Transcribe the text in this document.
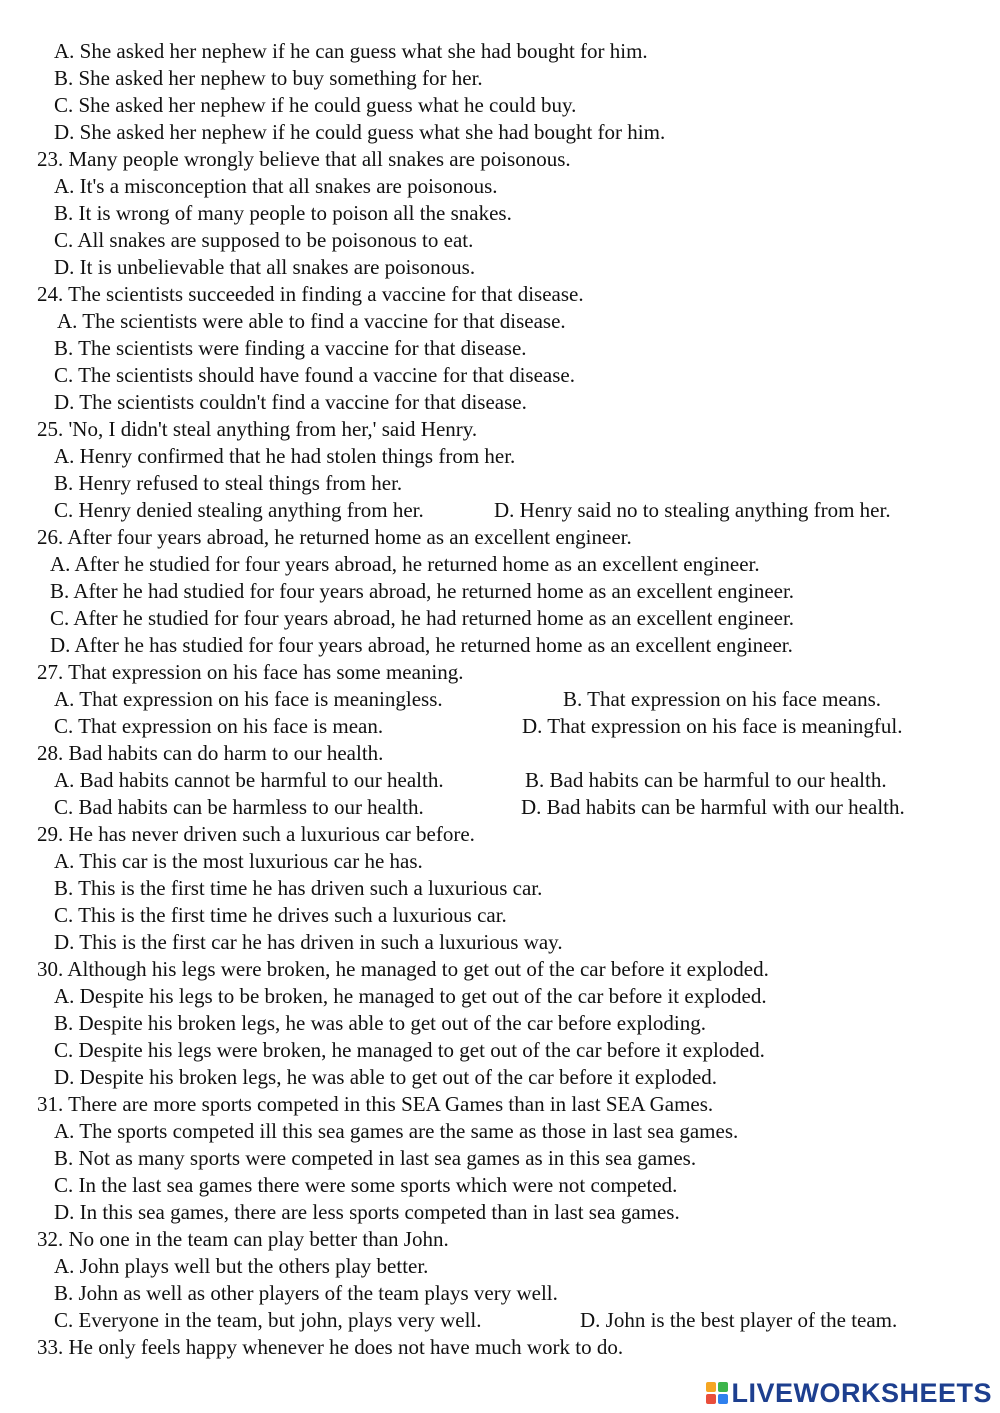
A. She asked her nephew if he can guess what she had bought for him.
B. She asked her nephew to buy something for her.
C. She asked her nephew if he could guess what he could buy.
D. She asked her nephew if he could guess what she had bought for him.
23. Many people wrongly believe that all snakes are poisonous.
A. It's a misconception that all snakes are poisonous.
B. It is wrong of many people to poison all the snakes.
C. All snakes are supposed to be poisonous to eat.
D. It is unbelievable that all snakes are poisonous.
24. The scientists succeeded in finding a vaccine for that disease.
A. The scientists were able to find a vaccine for that disease.
B. The scientists were finding a vaccine for that disease.
C. The scientists should have found a vaccine for that disease.
D. The scientists couldn't find a vaccine for that disease.
25. 'No, I didn't steal anything from her,' said Henry.
A. Henry confirmed that he had stolen things from her.
B. Henry refused to steal things from her.
C. Henry denied stealing anything from her.	D. Henry said no to stealing anything from her.
26. After four years abroad, he returned home as an excellent engineer.
A. After he studied for four years abroad, he returned home as an excellent engineer.
B. After he had studied for four years abroad, he returned home as an excellent engineer.
C. After he studied for four years abroad, he had returned home as an excellent engineer.
D. After he has studied for four years abroad, he returned home as an excellent engineer.
27. That expression on his face has some meaning.
A. That expression on his face is meaningless.	B. That expression on his face means.
C. That expression on his face is mean.	D. That expression on his face is meaningful.
28. Bad habits can do harm to our health.
A. Bad habits cannot be harmful to our health.	B. Bad habits can be harmful to our health.
C. Bad habits can be harmless to our health.	D. Bad habits can be harmful with our health.
29. He has never driven such a luxurious car before.
A. This car is the most luxurious car he has.
B. This is the first time he has driven such a luxurious car.
C. This is the first time he drives such a luxurious car.
D. This is the first car he has driven in such a luxurious way.
30. Although his legs were broken, he managed to get out of the car before it exploded.
A. Despite his legs to be broken, he managed to get out of the car before it exploded.
B. Despite his broken legs, he was able to get out of the car before exploding.
C. Despite his legs were broken, he managed to get out of the car before it exploded.
D. Despite his broken legs, he was able to get out of the car before it exploded.
31. There are more sports competed in this SEA Games than in last SEA Games.
A. The sports competed ill this sea games are the same as those in last sea games.
B. Not as many sports were competed in last sea games as in this sea games.
C. In the last sea games there were some sports which were not competed.
D. In this sea games, there are less sports competed than in last sea games.
32. No one in the team can play better than John.
A. John plays well but the others play better.
B. John as well as other players of the team plays very well.
C. Everyone in the team, but john, plays very well.	D. John is the best player of the team.
33. He only feels happy whenever he does not have much work to do.
LIVEWORKSHEETS
